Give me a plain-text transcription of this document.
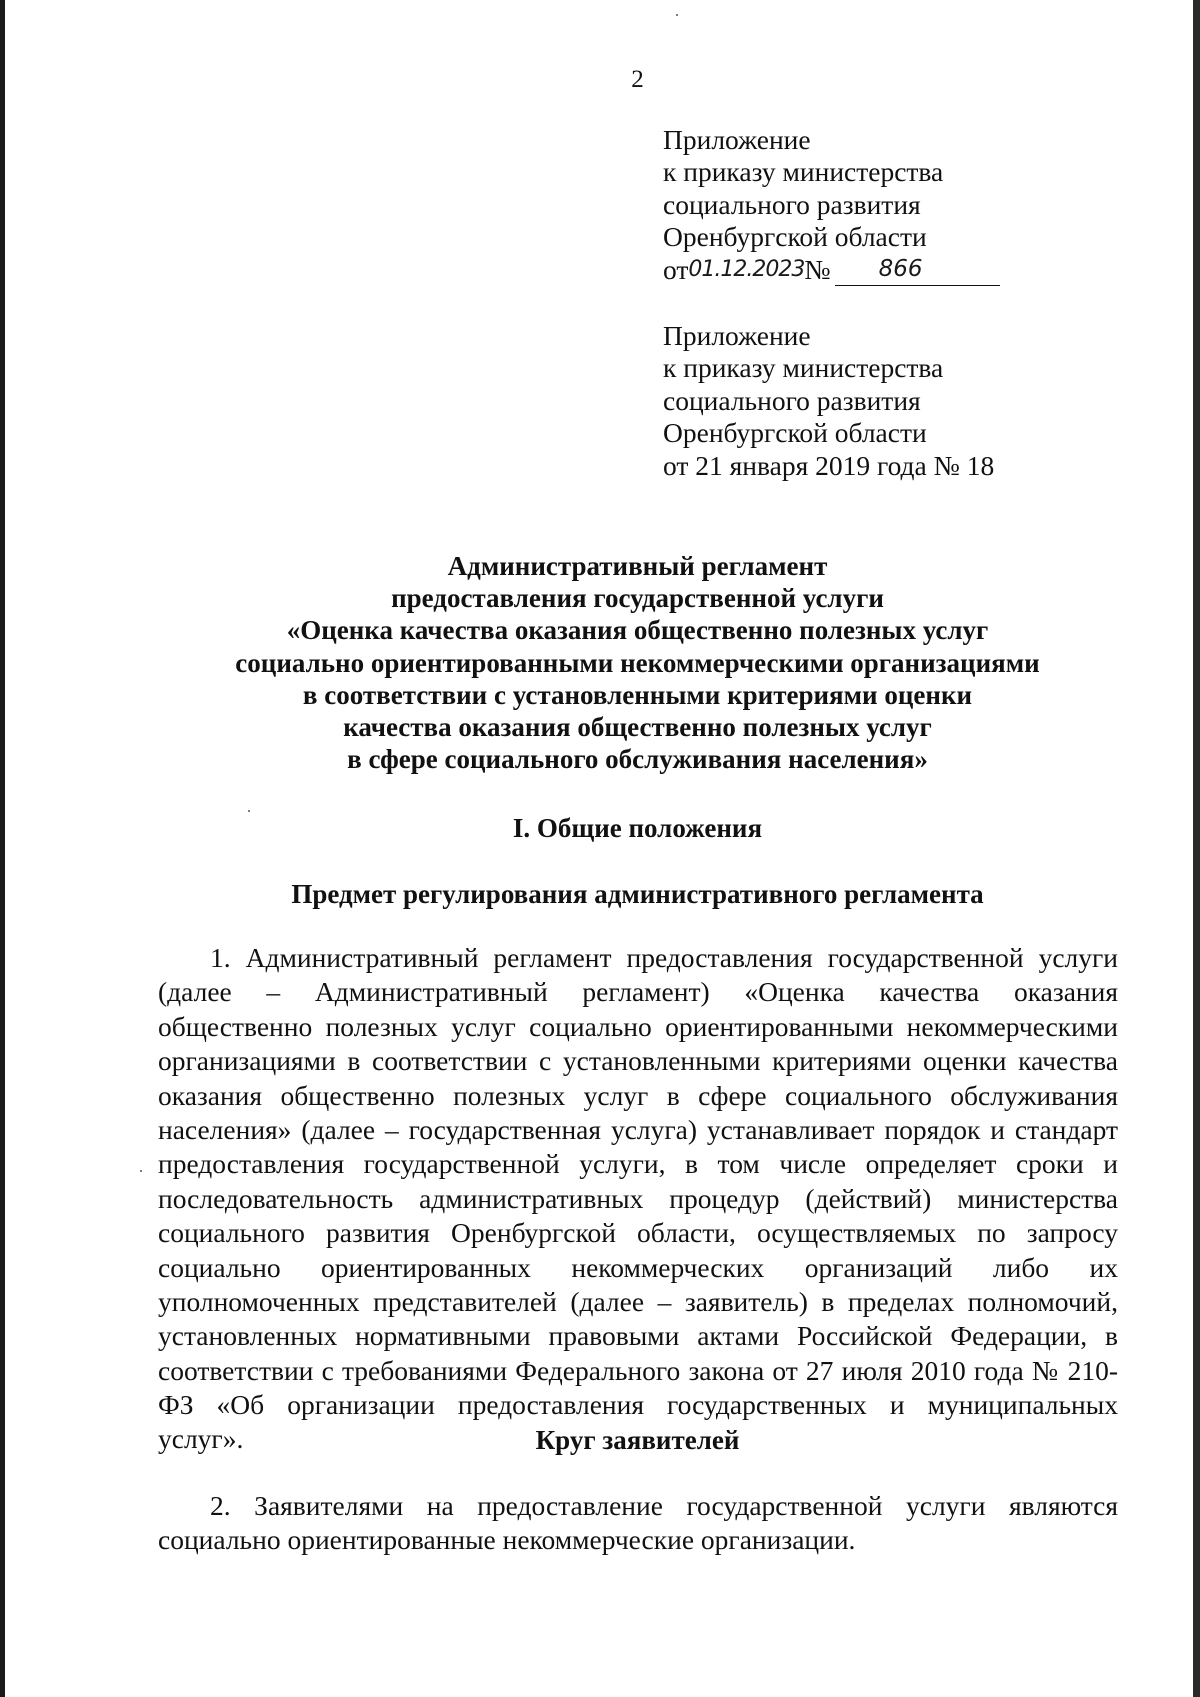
2
Приложение
к приказу министерства
социального развития
Оренбургской области
от 01.12.2023 № 866
Приложение
к приказу министерства
социального развития
Оренбургской области
от 21 января 2019 года № 18
Административный регламент
предоставления государственной услуги
«Оценка качества оказания общественно полезных услуг
социально ориентированными некоммерческими организациями
в соответствии с установленными критериями оценки
качества оказания общественно полезных услуг
в сфере социального обслуживания населения»
I. Общие положения
Предмет регулирования административного регламента
1. Административный регламент предоставления государственной услуги
(далее – Административный регламент) «Оценка качества оказания
общественно полезных услуг социально ориентированными некоммерческими
организациями в соответствии с установленными критериями оценки качества
оказания общественно полезных услуг в сфере социального обслуживания
населения» (далее – государственная услуга) устанавливает порядок и стандарт
предоставления государственной услуги, в том числе определяет сроки и
последовательность административных процедур (действий) министерства
социального развития Оренбургской области, осуществляемых по запросу
социально ориентированных некоммерческих организаций либо их
уполномоченных представителей (далее – заявитель) в пределах полномочий,
установленных нормативными правовыми актами Российской Федерации, в
соответствии с требованиями Федерального закона от 27 июля 2010 года № 210-
ФЗ «Об организации предоставления государственных и муниципальных
услуг».	Круг заявителей
2. Заявителями на предоставление государственной услуги являются
социально ориентированные некоммерческие организации.
